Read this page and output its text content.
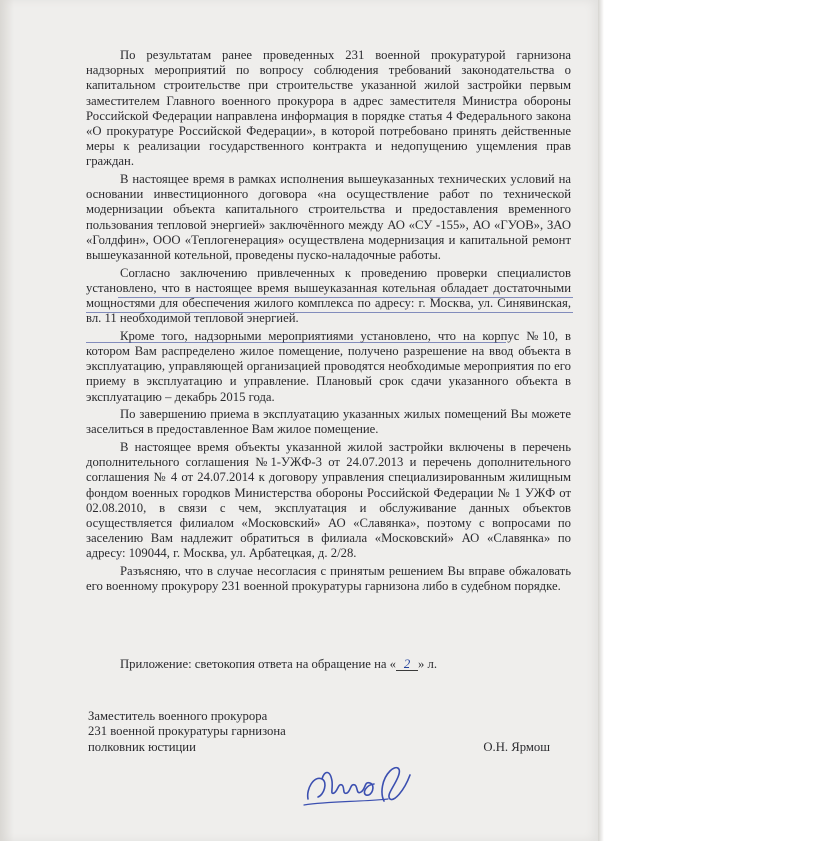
По результатам ранее проведенных 231 военной прокуратурой гарнизона надзорных мероприятий по вопросу соблюдения требований законодательства о капитальном строительстве при строительстве указанной жилой застройки первым заместителем Главного военного прокурора в адрес заместителя Министра обороны Российской Федерации направлена информация в порядке статья 4 Федерального закона «О прокуратуре Российской Федерации», в которой потребовано принять действенные меры к реализации государственного контракта и недопущению ущемления прав граждан.

В настоящее время в рамках исполнения вышеуказанных технических условий на основании инвестиционного договора «на осуществление работ по технической модернизации объекта капитального строительства и предоставления временного пользования тепловой энергией» заключённого между АО «СУ -155», АО «ГУОВ», ЗАО «Голдфин», ООО «Теплогенерация» осуществлена модернизация и капитальной ремонт вышеуказанной котельной, проведены пуско-наладочные работы.

Согласно заключению привлеченных к проведению проверки специалистов установлено, что в настоящее время вышеуказанная котельная обладает достаточными мощностями для обеспечения жилого комплекса по адресу: г. Москва, ул. Синявинская, вл. 11 необходимой тепловой энергией.

Кроме того, надзорными мероприятиями установлено, что на корпус №10, в котором Вам распределено жилое помещение, получено разрешение на ввод объекта в эксплуатацию, управляющей организацией проводятся необходимые мероприятия по его приему в эксплуатацию и управление. Плановый срок сдачи указанного объекта в эксплуатацию – декабрь 2015 года.

По завершению приема в эксплуатацию указанных жилых помещений Вы можете заселиться в предоставленное Вам жилое помещение.

В настоящее время объекты указанной жилой застройки включены в перечень дополнительного соглашения №1-УЖФ-3 от 24.07.2013 и перечень дополнительного соглашения № 4 от 24.07.2014 к договору управления специализированным жилищным фондом военных городков Министерства обороны Российской Федерации № 1 УЖФ от 02.08.2010, в связи с чем, эксплуатация и обслуживание данных объектов осуществляется филиалом «Московский» АО «Славянка», поэтому с вопросами по заселению Вам надлежит обратиться в филиала «Московский» АО «Славянка» по адресу: 109044, г. Москва, ул. Арбатецкая, д. 2/28.

Разъясняю, что в случае несогласия с принятым решением Вы вправе обжаловать его военному прокурору 231 военной прокуратуры гарнизона либо в судебном порядке.

Приложение: светокопия ответа на обращение на « 2 » л.
Заместитель военного прокурора
231 военной прокуратуры гарнизона
полковник юстиции	О.Н. Ярмош
